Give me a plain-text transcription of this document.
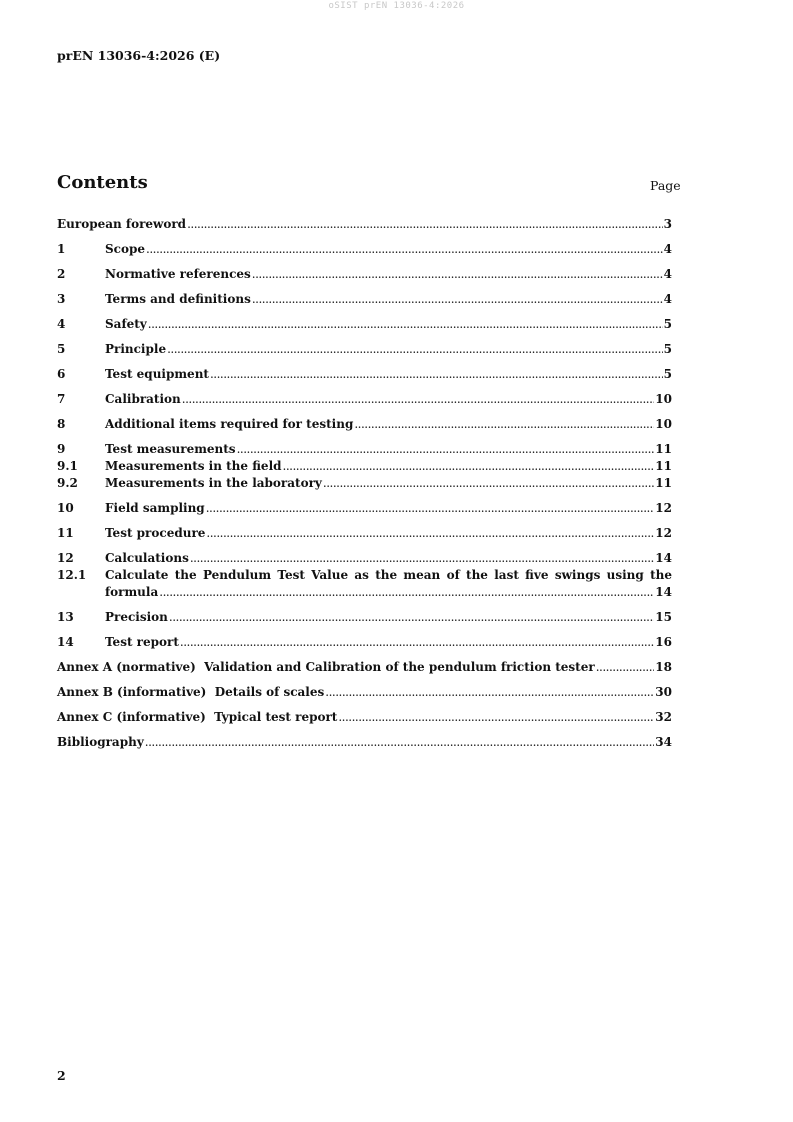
oSIST prEN 13036-4:2026
prEN 13036-4:2026 (E)
Contents	Page
European foreword .....	3
1	Scope .....	4
2	Normative references .....	4
3	Terms and definitions .....	4
4	Safety .....	5
5	Principle .....	5
6	Test equipment .....	5
7	Calibration .....	10
8	Additional items required for testing .....	10
9	Test measurements .....	11
9.1	Measurements in the field .....	11
9.2	Measurements in the laboratory .....	11
10	Field sampling .....	12
11	Test procedure .....	12
12	Calculations .....	14
12.1	Calculate the Pendulum Test Value as the mean of the last five swings using the
formula .....	14
13	Precision .....	15
14	Test report .....	16
Annex A (normative)  Validation and Calibration of the pendulum friction tester .....	18
Annex B (informative)  Details of scales .....	30
Annex C (informative)  Typical test report .....	32
Bibliography .....	34
2
